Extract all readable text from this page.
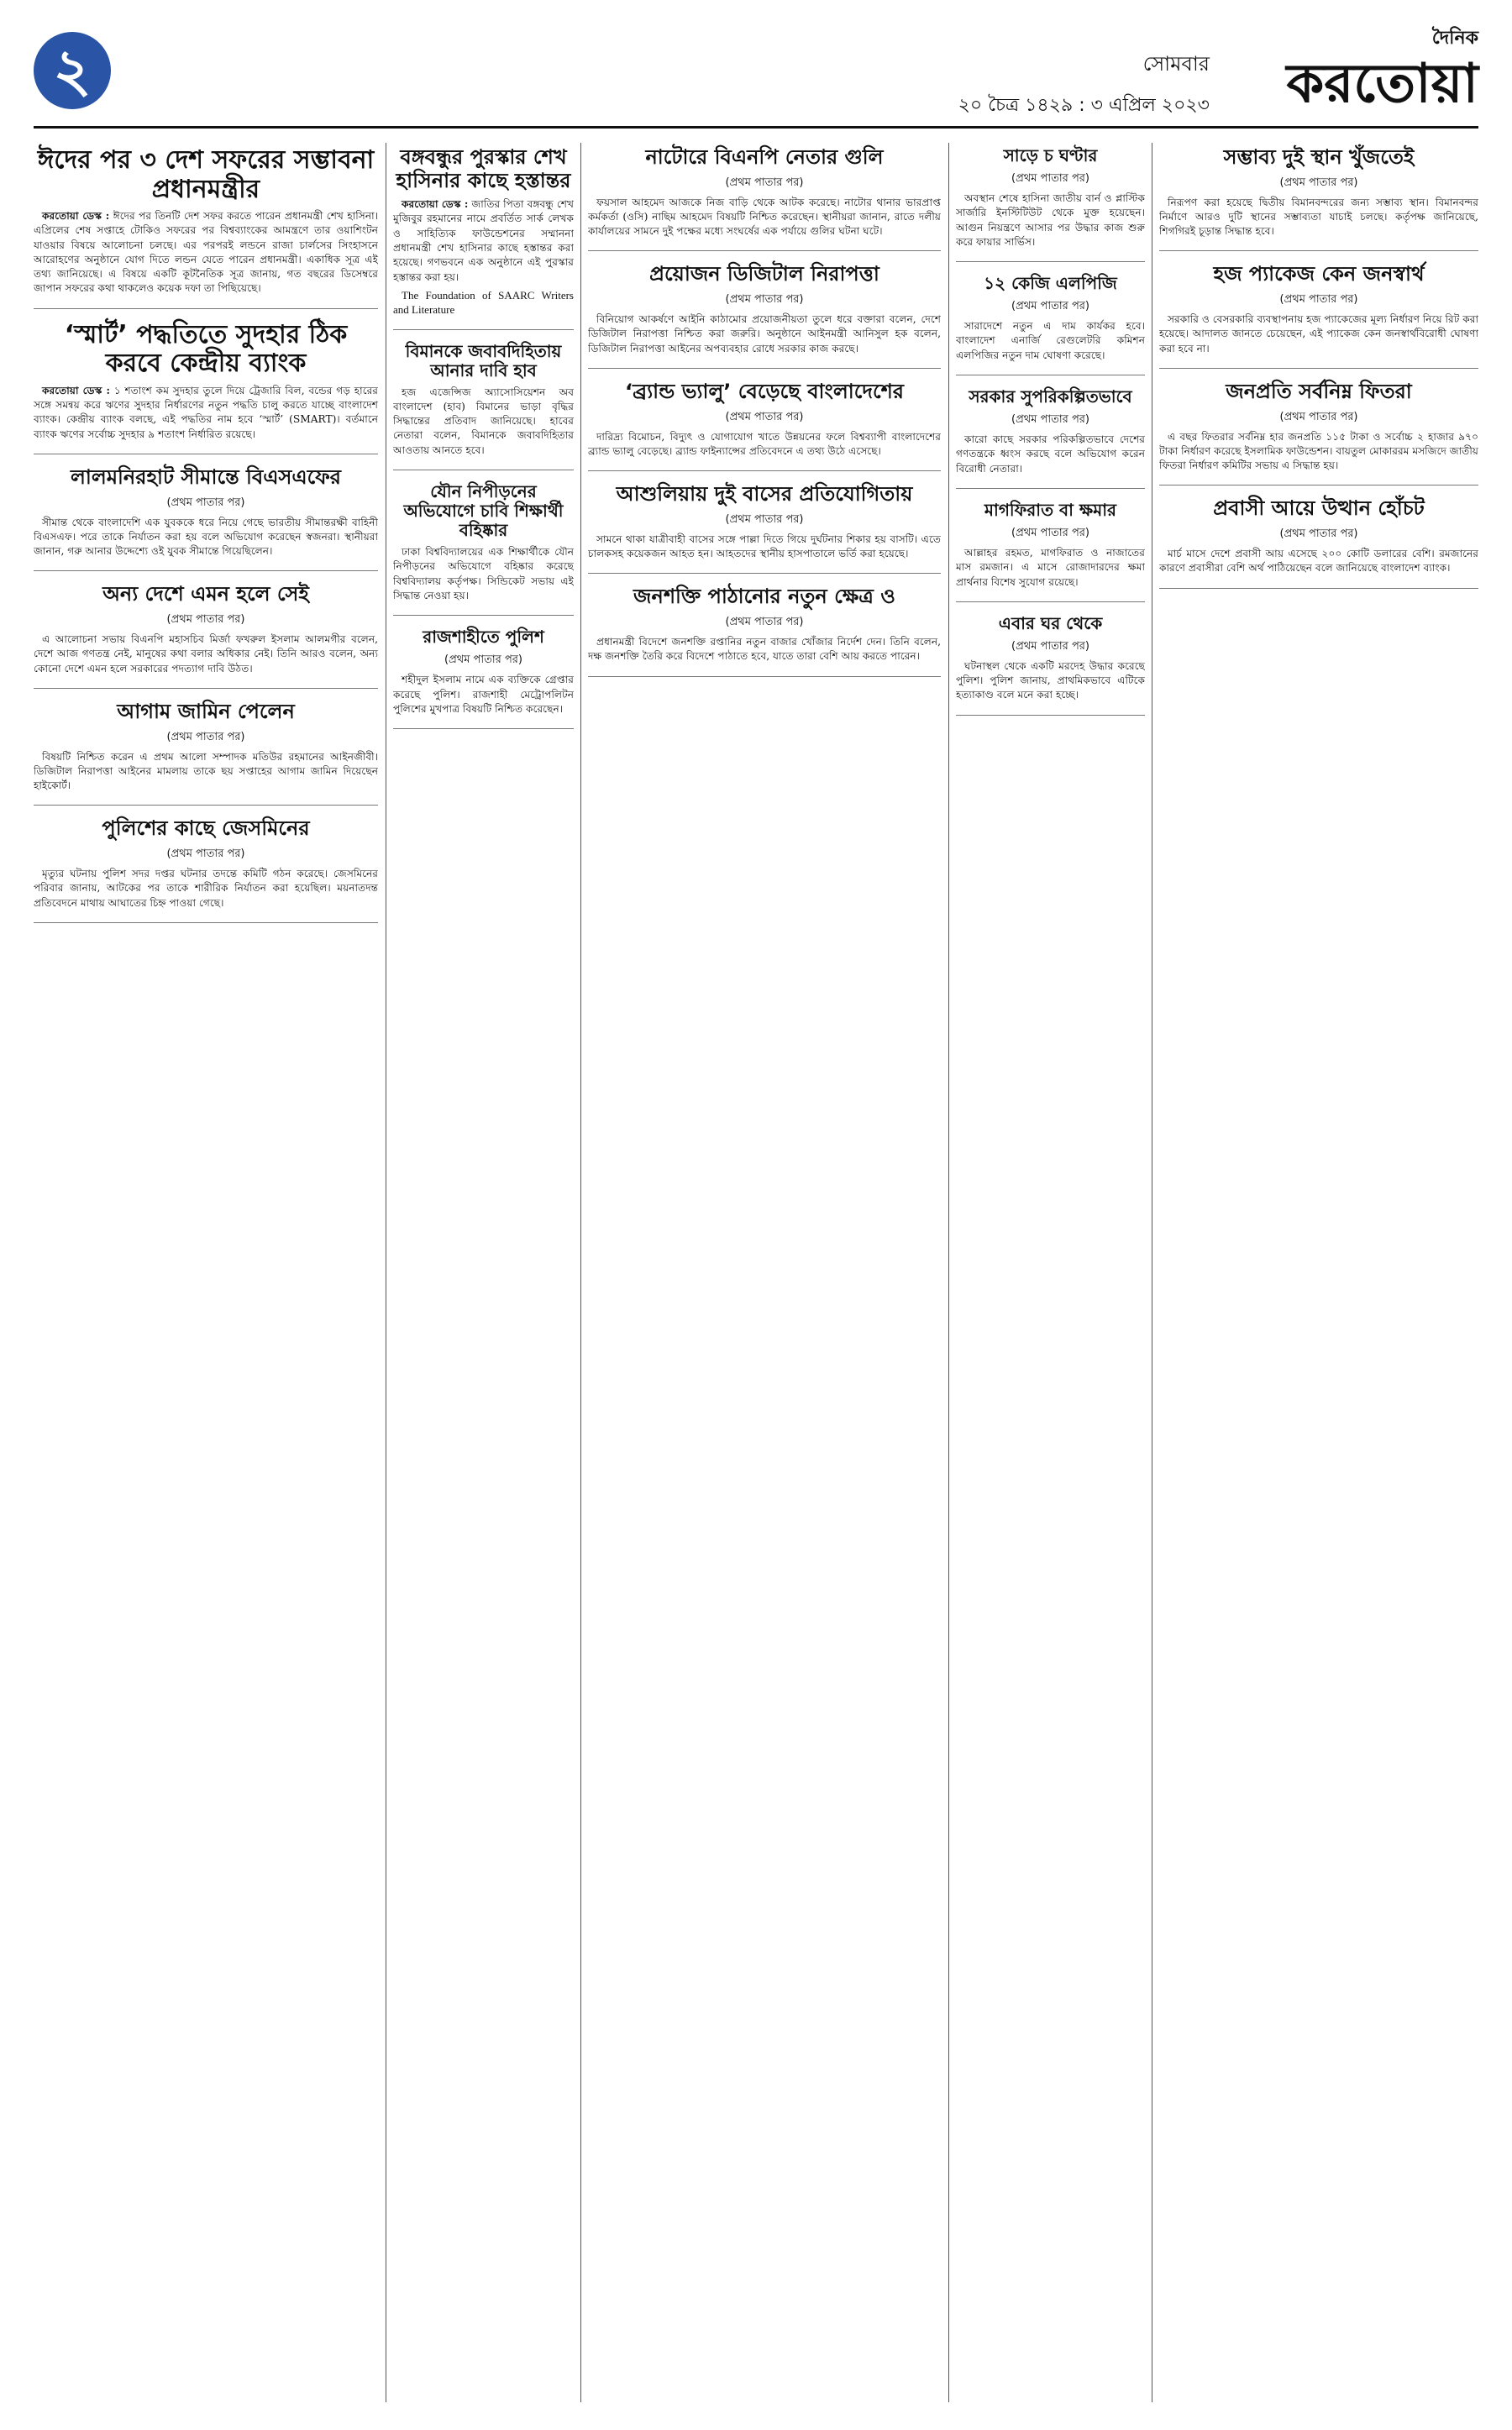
২	সোমবার
২০ চৈত্র ১৪২৯ : ৩ এপ্রিল ২০২৩
দৈনিক
করতোয়া
ঈদের পর ৩ দেশ সফরের সম্ভাবনা প্রধানমন্ত্রীর

করতোয়া ডেস্ক : ঈদের পর তিনটি দেশ সফর করতে পারেন প্রধানমন্ত্রী শেখ হাসিনা। এপ্রিলের শেষ সপ্তাহে টোকিও সফরের পর বিশ্বব্যাংকের আমন্ত্রণে তার ওয়াশিংটন যাওয়ার বিষয়ে আলোচনা চলছে। এর পরপরই লন্ডনে রাজা চার্লসের সিংহাসনে আরোহণের অনুষ্ঠানে যোগ দিতে লন্ডন যেতে পারেন প্রধানমন্ত্রী। একাধিক সূত্র এই তথ্য জানিয়েছে। এ বিষয়ে একটি কূটনৈতিক সূত্র জানায়, গত বছরের ডিসেম্বরে জাপান সফরের কথা থাকলেও কয়েক দফা তা পিছিয়েছে।

‘স্মার্ট’ পদ্ধতিতে সুদহার ঠিক করবে কেন্দ্রীয় ব্যাংক

করতোয়া ডেস্ক : ১ শতাংশ কম সুদহার তুলে দিয়ে ট্রেজারি বিল, বন্ডের গড় হারের সঙ্গে সমন্বয় করে ঋণের সুদহার নির্ধারণের নতুন পদ্ধতি চালু করতে যাচ্ছে বাংলাদেশ ব্যাংক। কেন্দ্রীয় ব্যাংক বলছে, এই পদ্ধতির নাম হবে ‘স্মার্ট’ (SMART)। বর্তমানে ব্যাংক ঋণের সর্বোচ্চ সুদহার ৯ শতাংশ নির্ধারিত রয়েছে।

লালমনিরহাট সীমান্তে বিএসএফের
(প্রথম পাতার পর)

সীমান্ত থেকে বাংলাদেশি এক যুবককে ধরে নিয়ে গেছে ভারতীয় সীমান্তরক্ষী বাহিনী বিএসএফ। পরে তাকে নির্যাতন করা হয় বলে অভিযোগ করেছেন স্বজনরা। স্থানীয়রা জানান, গরু আনার উদ্দেশ্যে ওই যুবক সীমান্তে গিয়েছিলেন।

অন্য দেশে এমন হলে সেই
(প্রথম পাতার পর)

এ আলোচনা সভায় বিএনপি মহাসচিব মির্জা ফখরুল ইসলাম আলমগীর বলেন, দেশে আজ গণতন্ত্র নেই, মানুষের কথা বলার অধিকার নেই। তিনি আরও বলেন, অন্য কোনো দেশে এমন হলে সরকারের পদত্যাগ দাবি উঠত।

আগাম জামিন পেলেন
(প্রথম পাতার পর)

বিষয়টি নিশ্চিত করেন এ প্রথম আলো সম্পাদক মতিউর রহমানের আইনজীবী। ডিজিটাল নিরাপত্তা আইনের মামলায় তাকে ছয় সপ্তাহের আগাম জামিন দিয়েছেন হাইকোর্ট।

পুলিশের কাছে জেসমিনের
(প্রথম পাতার পর)

মৃত্যুর ঘটনায় পুলিশ সদর দপ্তর ঘটনার তদন্তে কমিটি গঠন করেছে। জেসমিনের পরিবার জানায়, আটকের পর তাকে শারীরিক নির্যাতন করা হয়েছিল। ময়নাতদন্ত প্রতিবেদনে মাথায় আঘাতের চিহ্ন পাওয়া গেছে।

বঙ্গবন্ধুর পুরস্কার শেখ হাসিনার কাছে হস্তান্তর

করতোয়া ডেস্ক : জাতির পিতা বঙ্গবন্ধু শেখ মুজিবুর রহমানের নামে প্রবর্তিত সার্ক লেখক ও সাহিত্যিক ফাউন্ডেশনের সম্মাননা প্রধানমন্ত্রী শেখ হাসিনার কাছে হস্তান্তর করা হয়েছে। গণভবনে এক অনুষ্ঠানে এই পুরস্কার হস্তান্তর করা হয়।

The Foundation of SAARC Writers and Literature

বিমানকে জবাবদিহিতায় আনার দাবি হাব

হজ এজেন্সিজ অ্যাসোসিয়েশন অব বাংলাদেশ (হাব) বিমানের ভাড়া বৃদ্ধির সিদ্ধান্তের প্রতিবাদ জানিয়েছে। হাবের নেতারা বলেন, বিমানকে জবাবদিহিতার আওতায় আনতে হবে।

যৌন নিপীড়নের অভিযোগে চাবি শিক্ষার্থী বহিষ্কার

ঢাকা বিশ্ববিদ্যালয়ের এক শিক্ষার্থীকে যৌন নিপীড়নের অভিযোগে বহিষ্কার করেছে বিশ্ববিদ্যালয় কর্তৃপক্ষ। সিন্ডিকেট সভায় এই সিদ্ধান্ত নেওয়া হয়।

রাজশাহীতে পুলিশ
(প্রথম পাতার পর)

শহীদুল ইসলাম নামে এক ব্যক্তিকে গ্রেপ্তার করেছে পুলিশ। রাজশাহী মেট্রোপলিটন পুলিশের মুখপাত্র বিষয়টি নিশ্চিত করেছেন।

নাটোরে বিএনপি নেতার গুলি
(প্রথম পাতার পর)

ফয়সাল আহমেদ আজকে নিজ বাড়ি থেকে আটক করেছে। নাটোর থানার ভারপ্রাপ্ত কর্মকর্তা (ওসি) নাছিম আহমেদ বিষয়টি নিশ্চিত করেছেন। স্থানীয়রা জানান, রাতে দলীয় কার্যালয়ের সামনে দুই পক্ষের মধ্যে সংঘর্ষের এক পর্যায়ে গুলির ঘটনা ঘটে।

প্রয়োজন ডিজিটাল নিরাপত্তা
(প্রথম পাতার পর)

বিনিয়োগ আকর্ষণে আইনি কাঠামোর প্রয়োজনীয়তা তুলে ধরে বক্তারা বলেন, দেশে ডিজিটাল নিরাপত্তা নিশ্চিত করা জরুরি। অনুষ্ঠানে আইনমন্ত্রী আনিসুল হক বলেন, ডিজিটাল নিরাপত্তা আইনের অপব্যবহার রোধে সরকার কাজ করছে।

‘ব্র্যান্ড ভ্যালু’ বেড়েছে বাংলাদেশের
(প্রথম পাতার পর)

দারিদ্র্য বিমোচন, বিদ্যুৎ ও যোগাযোগ খাতে উন্নয়নের ফলে বিশ্বব্যাপী বাংলাদেশের ব্র্যান্ড ভ্যালু বেড়েছে। ব্র্যান্ড ফাইন্যান্সের প্রতিবেদনে এ তথ্য উঠে এসেছে।

আশুলিয়ায় দুই বাসের প্রতিযোগিতায়
(প্রথম পাতার পর)

সামনে থাকা যাত্রীবাহী বাসের সঙ্গে পাল্লা দিতে গিয়ে দুর্ঘটনার শিকার হয় বাসটি। এতে চালকসহ কয়েকজন আহত হন। আহতদের স্থানীয় হাসপাতালে ভর্তি করা হয়েছে।

জনশক্তি পাঠানোর নতুন ক্ষেত্র ও
(প্রথম পাতার পর)

প্রধানমন্ত্রী বিদেশে জনশক্তি রপ্তানির নতুন বাজার খোঁজার নির্দেশ দেন। তিনি বলেন, দক্ষ জনশক্তি তৈরি করে বিদেশে পাঠাতে হবে, যাতে তারা বেশি আয় করতে পারেন।

সাড়ে চ ঘণ্টার
(প্রথম পাতার পর)

অবস্থান শেষে হাসিনা জাতীয় বার্ন ও প্লাস্টিক সার্জারি ইনস্টিটিউট থেকে মুক্ত হয়েছেন। আগুন নিয়ন্ত্রণে আসার পর উদ্ধার কাজ শুরু করে ফায়ার সার্ভিস।

১২ কেজি এলপিজি
(প্রথম পাতার পর)

সারাদেশে নতুন এ দাম কার্যকর হবে। বাংলাদেশ এনার্জি রেগুলেটরি কমিশন এলপিজির নতুন দাম ঘোষণা করেছে।

সরকার সুপরিকল্পিতভাবে
(প্রথম পাতার পর)

কারো কাছে সরকার পরিকল্পিতভাবে দেশের গণতন্ত্রকে ধ্বংস করছে বলে অভিযোগ করেন বিরোধী নেতারা।

মাগফিরাত বা ক্ষমার
(প্রথম পাতার পর)

আল্লাহর রহমত, মাগফিরাত ও নাজাতের মাস রমজান। এ মাসে রোজাদারদের ক্ষমা প্রার্থনার বিশেষ সুযোগ রয়েছে।

এবার ঘর থেকে
(প্রথম পাতার পর)

ঘটনাস্থল থেকে একটি মরদেহ উদ্ধার করেছে পুলিশ। পুলিশ জানায়, প্রাথমিকভাবে এটিকে হত্যাকাণ্ড বলে মনে করা হচ্ছে।

সম্ভাব্য দুই স্থান খুঁজতেই
(প্রথম পাতার পর)

নিরূপণ করা হয়েছে দ্বিতীয় বিমানবন্দরের জন্য সম্ভাব্য স্থান। বিমানবন্দর নির্মাণে আরও দুটি স্থানের সম্ভাব্যতা যাচাই চলছে। কর্তৃপক্ষ জানিয়েছে, শিগগিরই চূড়ান্ত সিদ্ধান্ত হবে।

হজ প্যাকেজ কেন জনস্বার্থ
(প্রথম পাতার পর)

সরকারি ও বেসরকারি ব্যবস্থাপনায় হজ প্যাকেজের মূল্য নির্ধারণ নিয়ে রিট করা হয়েছে। আদালত জানতে চেয়েছেন, এই প্যাকেজ কেন জনস্বার্থবিরোধী ঘোষণা করা হবে না।

জনপ্রতি সর্বনিম্ন ফিতরা
(প্রথম পাতার পর)

এ বছর ফিতরার সর্বনিম্ন হার জনপ্রতি ১১৫ টাকা ও সর্বোচ্চ ২ হাজার ৯৭০ টাকা নির্ধারণ করেছে ইসলামিক ফাউন্ডেশন। বায়তুল মোকাররম মসজিদে জাতীয় ফিতরা নির্ধারণ কমিটির সভায় এ সিদ্ধান্ত হয়।

প্রবাসী আয়ে উত্থান হোঁচট
(প্রথম পাতার পর)

মার্চ মাসে দেশে প্রবাসী আয় এসেছে ২০০ কোটি ডলারের বেশি। রমজানের কারণে প্রবাসীরা বেশি অর্থ পাঠিয়েছেন বলে জানিয়েছে বাংলাদেশ ব্যাংক।
